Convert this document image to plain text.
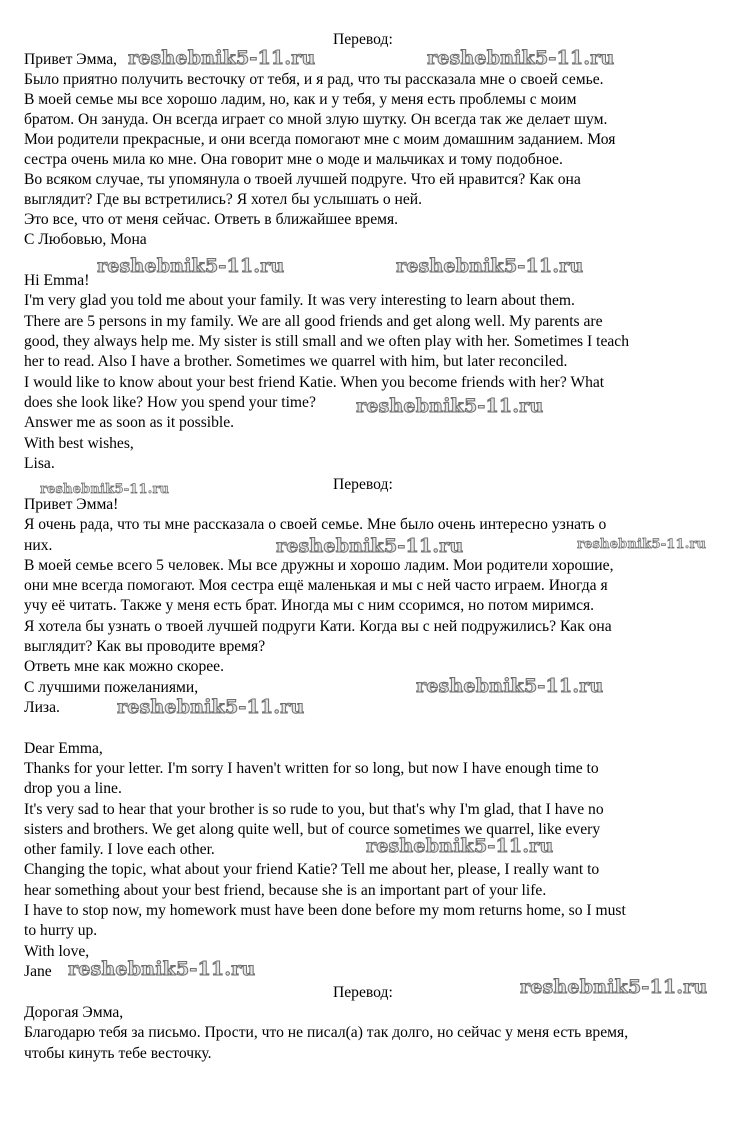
Перевод:
Привет Эмма,
Было приятно получить весточку от тебя, и я рад, что ты рассказала мне о своей семье.
В моей семье мы все хорошо ладим, но, как и у тебя, у меня есть проблемы с моим
братом. Он зануда. Он всегда играет со мной злую шутку. Он всегда так же делает шум.
Мои родители прекрасные, и они всегда помогают мне с моим домашним заданием. Моя
сестра очень мила ко мне. Она говорит мне о моде и мальчиках и тому подобное.
Во всяком случае, ты упомянула о твоей лучшей подруге. Что ей нравится? Как она
выглядит? Где вы встретились? Я хотел бы услышать о ней.
Это все, что от меня сейчас. Ответь в ближайшее время.
С Любовью, Мона
Hi Emma!
I'm very glad you told me about your family. It was very interesting to learn about them.
There are 5 persons in my family. We are all good friends and get along well. My parents are
good, they always help me. My sister is still small and we often play with her. Sometimes I teach
her to read. Also I have a brother. Sometimes we quarrel with him, but later reconciled.
I would like to know about your best friend Katie. When you become friends with her? What
does she look like? How you spend your time?
Answer me as soon as it possible.
With best wishes,
Lisa.
Перевод:
Привет Эмма!
Я очень рада, что ты мне рассказала о своей семье. Мне было очень интересно узнать о
них.
В моей семье всего 5 человек. Мы все дружны и хорошо ладим. Мои родители хорошие,
они мне всегда помогают. Моя сестра ещё маленькая и мы с ней часто играем. Иногда я
учу её читать. Также у меня есть брат. Иногда мы с ним ссоримся, но потом миримся.
Я хотела бы узнать о твоей лучшей подруги Кати. Когда вы с ней подружились? Как она
выглядит? Как вы проводите время?
Ответь мне как можно скорее.
С лучшими пожеланиями,
Лиза.
Dear Emma,
Thanks for your letter. I'm sorry I haven't written for so long, but now I have enough time to
drop you a line.
It's very sad to hear that your brother is so rude to you, but that's why I'm glad, that I have no
sisters and brothers. We get along quite well, but of cource sometimes we quarrel, like every
other family. I love each other.
Changing the topic, what about your friend Katie? Tell me about her, please, I really want to
hear something about your best friend, because she is an important part of your life.
I have to stop now, my homework must have been done before my mom returns home, so I must
to hurry up.
With love,
Jane
Перевод:
Дорогая Эмма,
Благодарю тебя за письмо. Прости, что не писал(а) так долго, но сейчас у меня есть время,
чтобы кинуть тебе весточку.
reshebnik5-11.ru	reshebnik5-11.ru
reshebnik5-11.ru	reshebnik5-11.ru
reshebnik5-11.ru
reshebnik5-11.ru
reshebnik5-11.ru	reshebnik5-11.ru
reshebnik5-11.ru
reshebnik5-11.ru
reshebnik5-11.ru
reshebnik5-11.ru
reshebnik5-11.ru
